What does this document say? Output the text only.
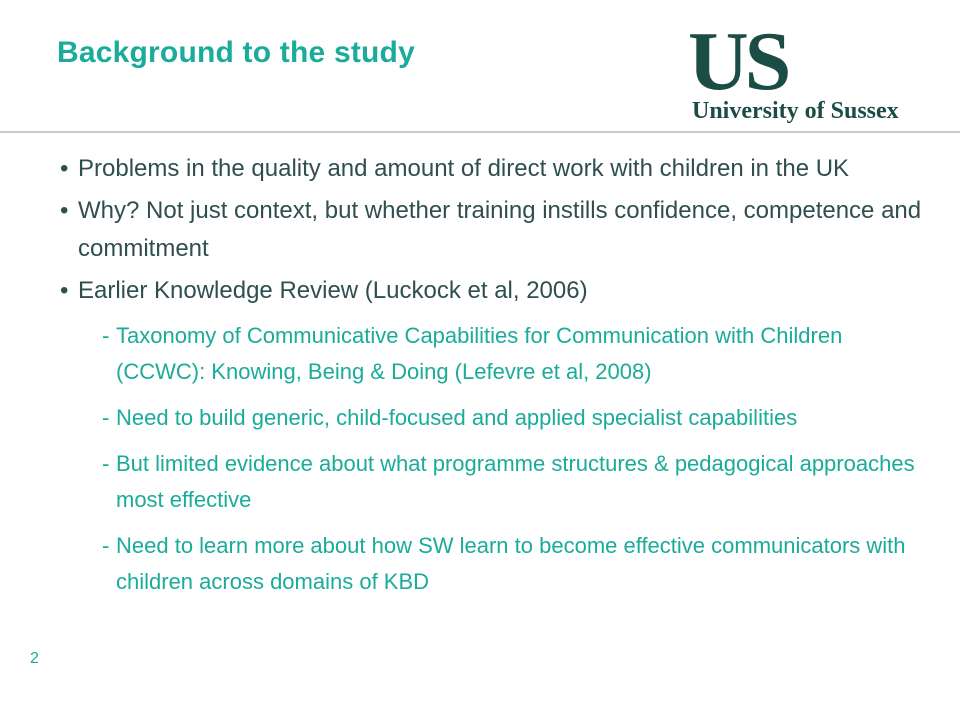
Background to the study	US
University of Sussex
• Problems in the quality and amount of direct work with children in the UK
• Why? Not just context, but whether training instills confidence, competence and commitment
• Earlier Knowledge Review (Luckock et al, 2006)
- Taxonomy of Communicative Capabilities for Communication with Children (CCWC): Knowing, Being & Doing (Lefevre et al, 2008)
- Need to build generic, child-focused and applied specialist capabilities
- But limited evidence about what programme structures & pedagogical approaches most effective
- Need to learn more about how SW learn to become effective communicators with children across domains of KBD
2
